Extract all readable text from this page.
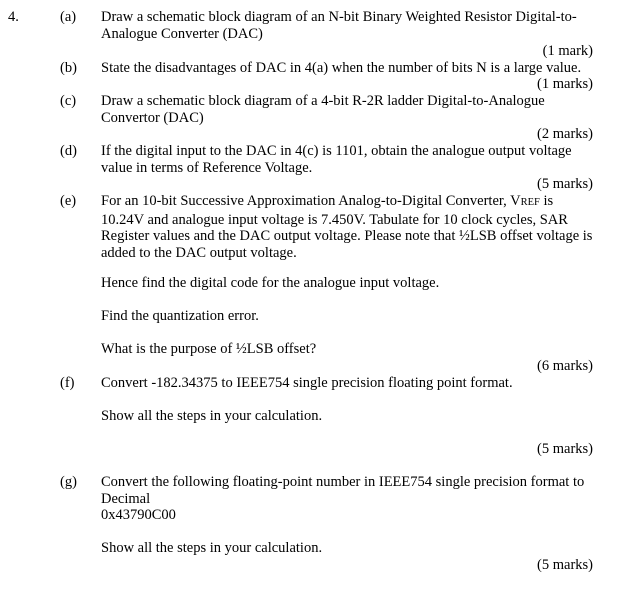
4.	(a) Draw a schematic block diagram of an N-bit Binary Weighted Resistor Digital-to-
Analogue Converter (DAC)
(1 mark)
(b) State the disadvantages of DAC in 4(a) when the number of bits N is a large value.
(1 marks)
(c) Draw a schematic block diagram of a 4-bit R-2R ladder Digital-to-Analogue
Convertor (DAC)
(2 marks)
(d) If the digital input to the DAC in 4(c) is 1101, obtain the analogue output voltage
value in terms of Reference Voltage.
(5 marks)
(e) For an 10-bit Successive Approximation Analog-to-Digital Converter, VREF is
10.24V and analogue input voltage is 7.450V. Tabulate for 10 clock cycles, SAR
Register values and the DAC output voltage. Please note that ½LSB offset voltage is
added to the DAC output voltage.
Hence find the digital code for the analogue input voltage.
Find the quantization error.
What is the purpose of ½LSB offset?
(6 marks)
(f) Convert -182.34375 to IEEE754 single precision floating point format.
Show all the steps in your calculation.
(5 marks)
(g) Convert the following floating-point number in IEEE754 single precision format to
Decimal
0x43790C00
Show all the steps in your calculation.
(5 marks)
